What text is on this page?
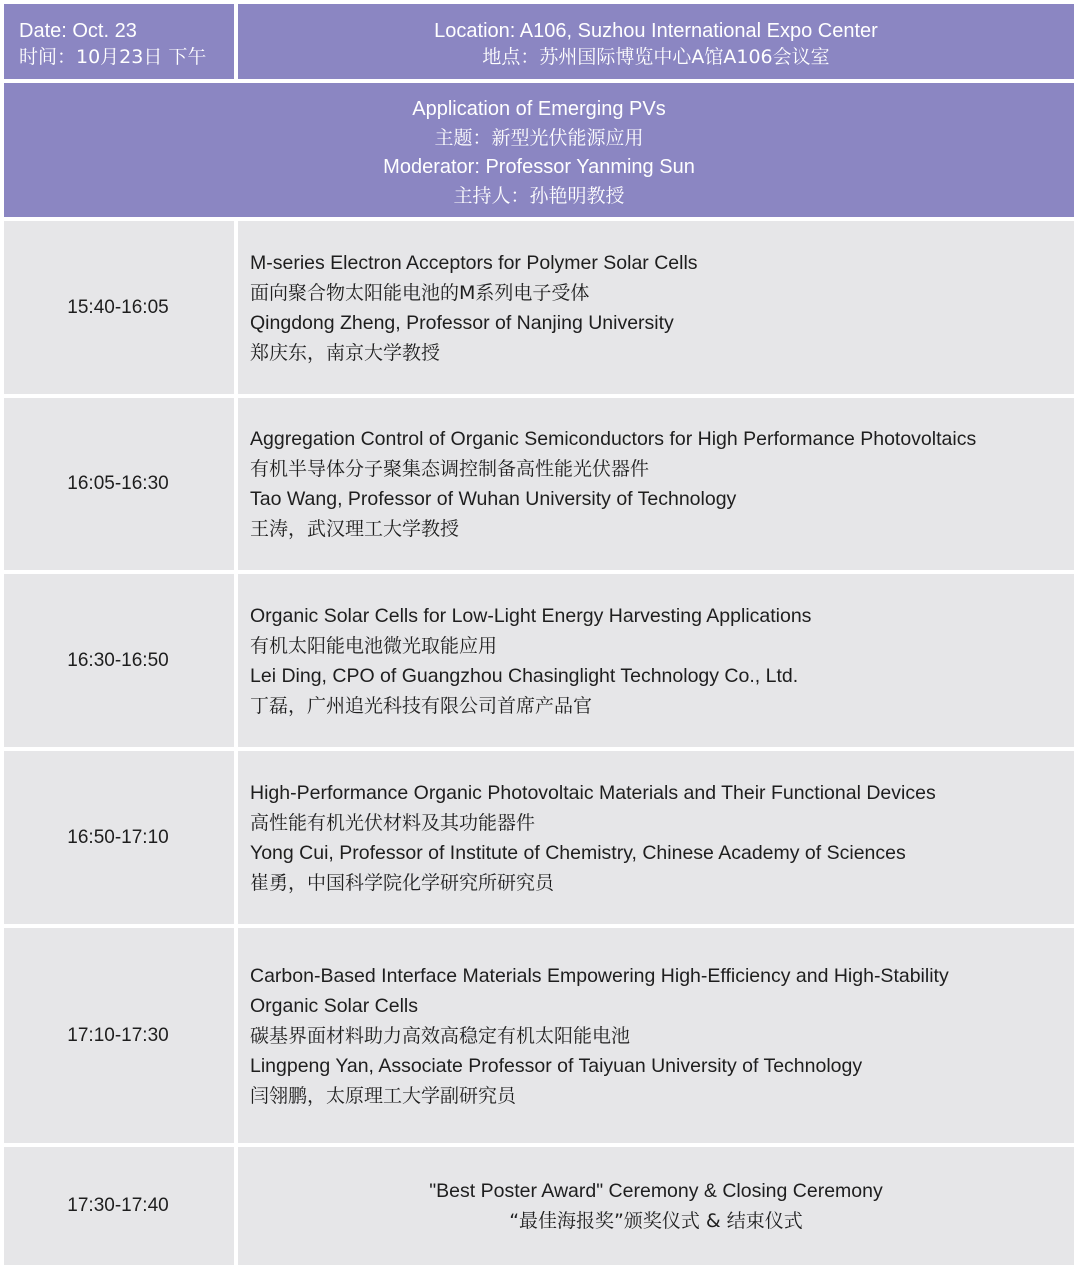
Date: Oct. 23
时间：10月23日 下午
Location: A106, Suzhou International Expo Center
地点：苏州国际博览中心A馆A106会议室
Application of Emerging PVs
主题：新型光伏能源应用
Moderator: Professor Yanming Sun
主持人：孙艳明教授
15:40-16:05
M-series Electron Acceptors for Polymer Solar Cells
面向聚合物太阳能电池的M系列电子受体
Qingdong Zheng, Professor of Nanjing University
郑庆东，南京大学教授
16:05-16:30
Aggregation Control of Organic Semiconductors for High Performance Photovoltaics
有机半导体分子聚集态调控制备高性能光伏器件
Tao Wang, Professor of Wuhan University of Technology
王涛，武汉理工大学教授
16:30-16:50
Organic Solar Cells for Low-Light Energy Harvesting Applications
有机太阳能电池微光取能应用
Lei Ding, CPO of Guangzhou Chasinglight Technology Co., Ltd.
丁磊，广州追光科技有限公司首席产品官
16:50-17:10
High-Performance Organic Photovoltaic Materials and Their Functional Devices
高性能有机光伏材料及其功能器件
Yong Cui, Professor of Institute of Chemistry, Chinese Academy of Sciences
崔勇，中国科学院化学研究所研究员
17:10-17:30
Carbon-Based Interface Materials Empowering High-Efficiency and High-Stability
Organic Solar Cells
碳基界面材料助力高效高稳定有机太阳能电池
Lingpeng Yan, Associate Professor of Taiyuan University of Technology
闫翎鹏，太原理工大学副研究员
17:30-17:40
"Best Poster Award" Ceremony & Closing Ceremony
“最佳海报奖”颁奖仪式 & 结束仪式
